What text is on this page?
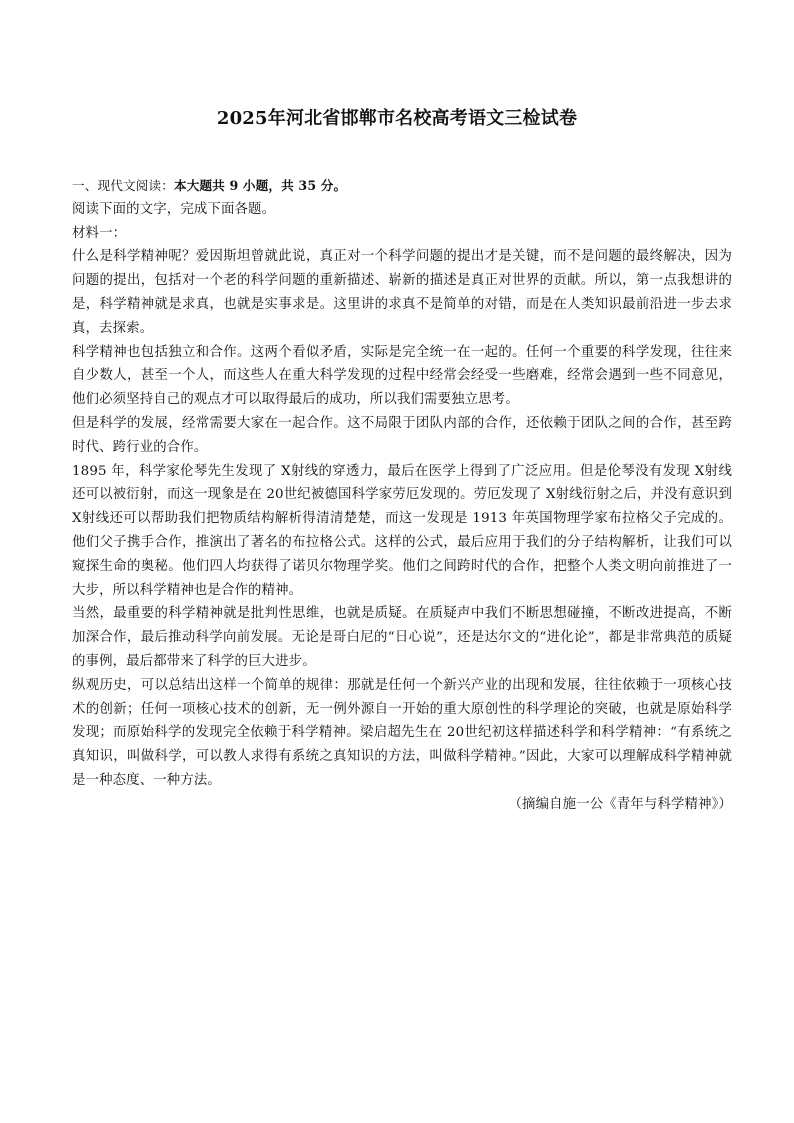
2025年河北省邯郸市名校高考语文三检试卷

一、现代文阅读：本大题共 9 小题，共 35 分。

阅读下面的文字，完成下面各题。

材料一：

什么是科学精神呢？爱因斯坦曾就此说，真正对一个科学问题的提出才是关键，而不是问题的最终解决，因为问题的提出，包括对一个老的科学问题的重新描述、崭新的描述是真正对世界的贡献。所以，第一点我想讲的是，科学精神就是求真，也就是实事求是。这里讲的求真不是简单的对错，而是在人类知识最前沿进一步去求真，去探索。

科学精神也包括独立和合作。这两个看似矛盾，实际是完全统一在一起的。任何一个重要的科学发现，往往来自少数人，甚至一个人，而这些人在重大科学发现的过程中经常会经受一些磨难，经常会遇到一些不同意见，他们必须坚持自己的观点才可以取得最后的成功，所以我们需要独立思考。

但是科学的发展，经常需要大家在一起合作。这不局限于团队内部的合作，还依赖于团队之间的合作，甚至跨时代、跨行业的合作。

1895 年，科学家伦琴先生发现了 X射线的穿透力，最后在医学上得到了广泛应用。但是伦琴没有发现 X射线还可以被衍射，而这一现象是在 20世纪被德国科学家劳厄发现的。劳厄发现了 X射线衍射之后，并没有意识到 X射线还可以帮助我们把物质结构解析得清清楚楚，而这一发现是 1913 年英国物理学家布拉格父子完成的。他们父子携手合作，推演出了著名的布拉格公式。这样的公式，最后应用于我们的分子结构解析，让我们可以窥探生命的奥秘。他们四人均获得了诺贝尔物理学奖。他们之间跨时代的合作，把整个人类文明向前推进了一大步，所以科学精神也是合作的精神。

当然，最重要的科学精神就是批判性思维，也就是质疑。在质疑声中我们不断思想碰撞，不断改进提高，不断加深合作，最后推动科学向前发展。无论是哥白尼的“日心说”，还是达尔文的“进化论”，都是非常典范的质疑的事例，最后都带来了科学的巨大进步。

纵观历史，可以总结出这样一个简单的规律：那就是任何一个新兴产业的出现和发展，往往依赖于一项核心技术的创新；任何一项核心技术的创新，无一例外源自一开始的重大原创性的科学理论的突破，也就是原始科学发现；而原始科学的发现完全依赖于科学精神。梁启超先生在 20世纪初这样描述科学和科学精神：“有系统之真知识，叫做科学，可以教人求得有系统之真知识的方法，叫做科学精神。”因此，大家可以理解成科学精神就是一种态度、一种方法。

（摘编自施一公《青年与科学精神》）
